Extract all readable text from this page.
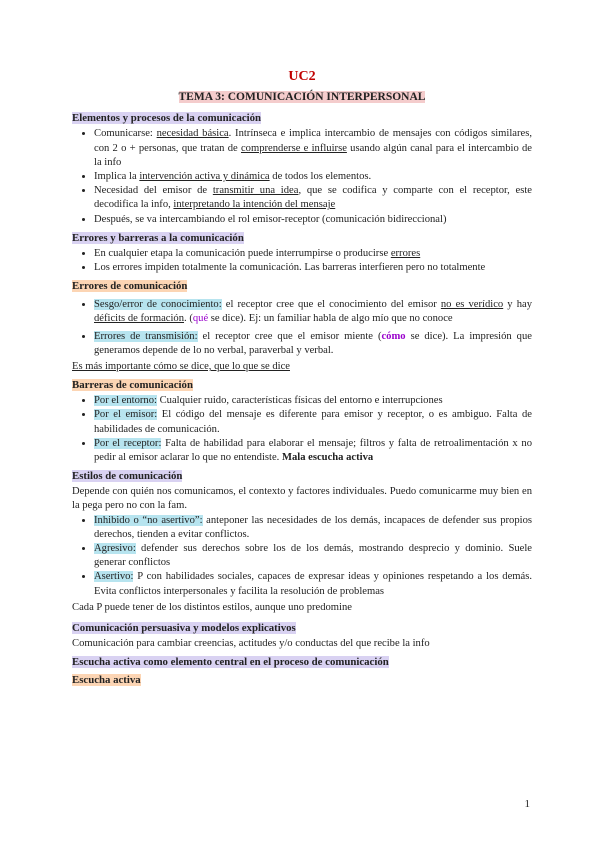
UC2
TEMA 3: COMUNICACIÓN INTERPERSONAL
Elementos y procesos de la comunicación
• Comunicarse: necesidad básica. Intrínseca e implica intercambio de mensajes con códigos similares, con 2 o + personas, que tratan de comprenderse e influirse usando algún canal para el intercambio de la info
• Implica la intervención activa y dinámica de todos los elementos.
• Necesidad del emisor de transmitir una idea, que se codifica y comparte con el receptor, este decodifica la info, interpretando la intención del mensaje
• Después, se va intercambiando el rol emisor-receptor (comunicación bidireccional)
Errores y barreras a la comunicación
• En cualquier etapa la comunicación puede interrumpirse o producirse errores
• Los errores impiden totalmente la comunicación. Las barreras interfieren pero no totalmente
Errores de comunicación
• Sesgo/error de conocimiento: el receptor cree que el conocimiento del emisor no es verídico y hay déficits de formación. (qué se dice). Ej: un familiar habla de algo mío que no conoce
• Errores de transmisión: el receptor cree que el emisor miente (cómo se dice). La impresión que generamos depende de lo no verbal, paraverbal y verbal.

Es más importante cómo se dice, que lo que se dice

Barreras de comunicación
• Por el entorno: Cualquier ruido, características físicas del entorno e interrupciones
• Por el emisor: El código del mensaje es diferente para emisor y receptor, o es ambiguo. Falta de habilidades de comunicación.
• Por el receptor: Falta de habilidad para elaborar el mensaje; filtros y falta de retroalimentación x no pedir al emisor aclarar lo que no entendiste. Mala escucha activa
Estilos de comunicación

Depende con quién nos comunicamos, el contexto y factores individuales. Puedo comunicarme muy bien en la pega pero no con la fam.

• Inhibido o “no asertivo”: anteponer las necesidades de los demás, incapaces de defender sus propios derechos, tienden a evitar conflictos.
• Agresivo: defender sus derechos sobre los de los demás, mostrando desprecio y dominio. Suele generar conflictos
• Asertivo: P con habilidades sociales, capaces de expresar ideas y opiniones respetando a los demás. Evita conflictos interpersonales y facilita la resolución de problemas

Cada P puede tener de los distintos estilos, aunque uno predomine

Comunicación persuasiva y modelos explicativos

Comunicación para cambiar creencias, actitudes y/o conductas del que recibe la info

Escucha activa como elemento central en el proceso de comunicación
Escucha activa
1
